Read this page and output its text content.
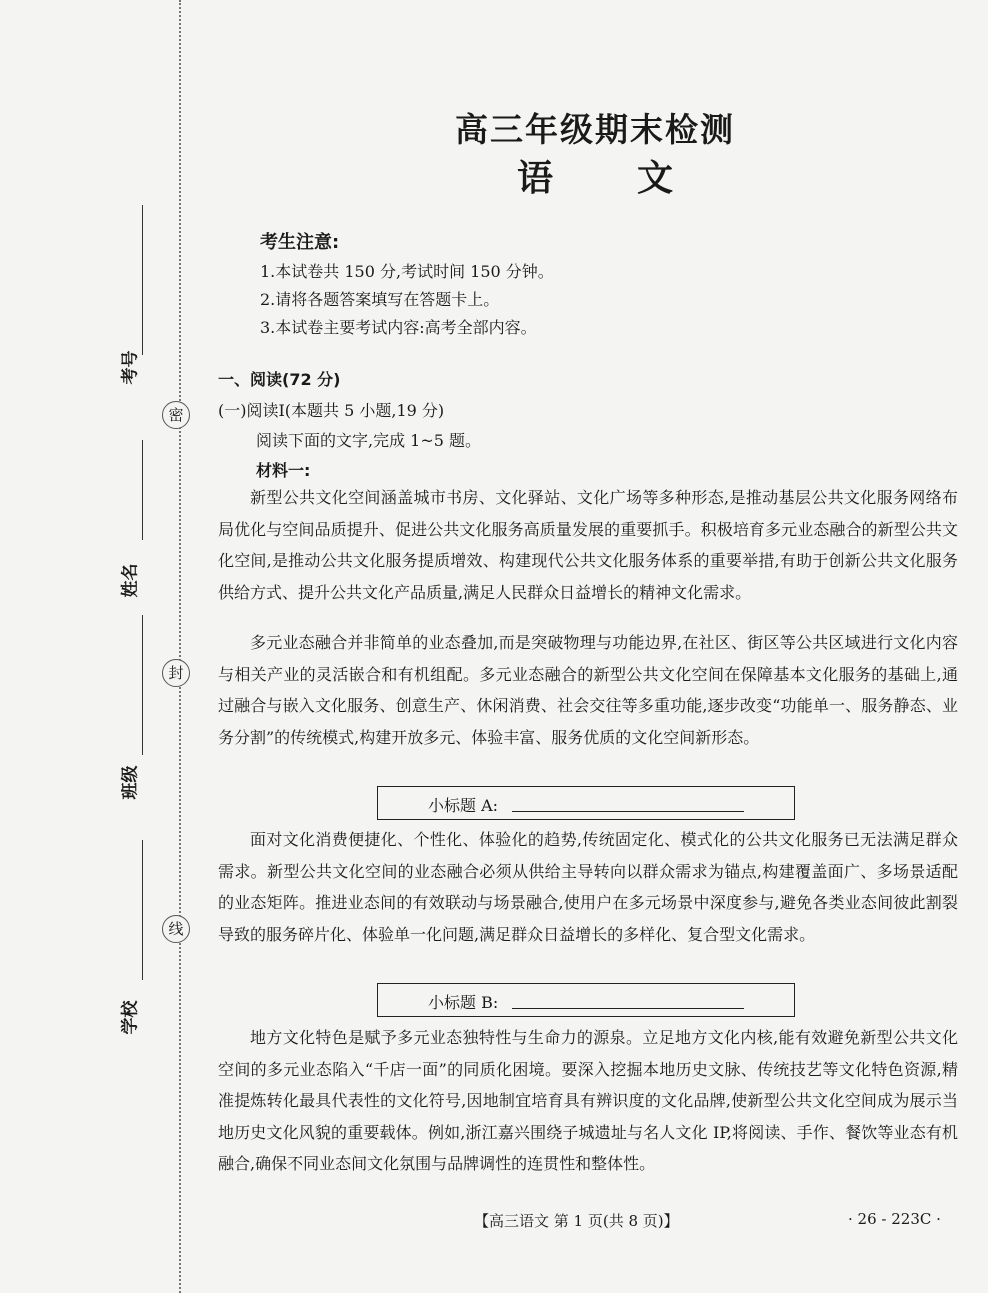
密
封
线
考号
姓名
班级
学校
高三年级期末检测
语文
考生注意:
1.本试卷共 150 分,考试时间 150 分钟。
2.请将各题答案填写在答题卡上。
3.本试卷主要考试内容:高考全部内容。
一、阅读(72 分)
(一)阅读Ⅰ(本题共 5 小题,19 分)
阅读下面的文字,完成 1~5 题。
材料一:

新型公共文化空间涵盖城市书房、文化驿站、文化广场等多种形态,是推动基层公共文化服务网络布局优化与空间品质提升、促进公共文化服务高质量发展的重要抓手。积极培育多元业态融合的新型公共文化空间,是推动公共文化服务提质增效、构建现代公共文化服务体系的重要举措,有助于创新公共文化服务供给方式、提升公共文化产品质量,满足人民群众日益增长的精神文化需求。

多元业态融合并非简单的业态叠加,而是突破物理与功能边界,在社区、街区等公共区域进行文化内容与相关产业的灵活嵌合和有机组配。多元业态融合的新型公共文化空间在保障基本文化服务的基础上,通过融合与嵌入文化服务、创意生产、休闲消费、社会交往等多重功能,逐步改变“功能单一、服务静态、业务分割”的传统模式,构建开放多元、体验丰富、服务优质的文化空间新形态。

小标题 A:

面对文化消费便捷化、个性化、体验化的趋势,传统固定化、模式化的公共文化服务已无法满足群众需求。新型公共文化空间的业态融合必须从供给主导转向以群众需求为锚点,构建覆盖面广、多场景适配的业态矩阵。推进业态间的有效联动与场景融合,使用户在多元场景中深度参与,避免各类业态间彼此割裂导致的服务碎片化、体验单一化问题,满足群众日益增长的多样化、复合型文化需求。

小标题 B:

地方文化特色是赋予多元业态独特性与生命力的源泉。立足地方文化内核,能有效避免新型公共文化空间的多元业态陷入“千店一面”的同质化困境。要深入挖掘本地历史文脉、传统技艺等文化特色资源,精准提炼转化最具代表性的文化符号,因地制宜培育具有辨识度的文化品牌,使新型公共文化空间成为展示当地历史文化风貌的重要载体。例如,浙江嘉兴围绕子城遗址与名人文化 IP,将阅读、手作、餐饮等业态有机融合,确保不同业态间文化氛围与品牌调性的连贯性和整体性。

【高三语文 第 1 页(共 8 页)】	· 26 - 223C ·
